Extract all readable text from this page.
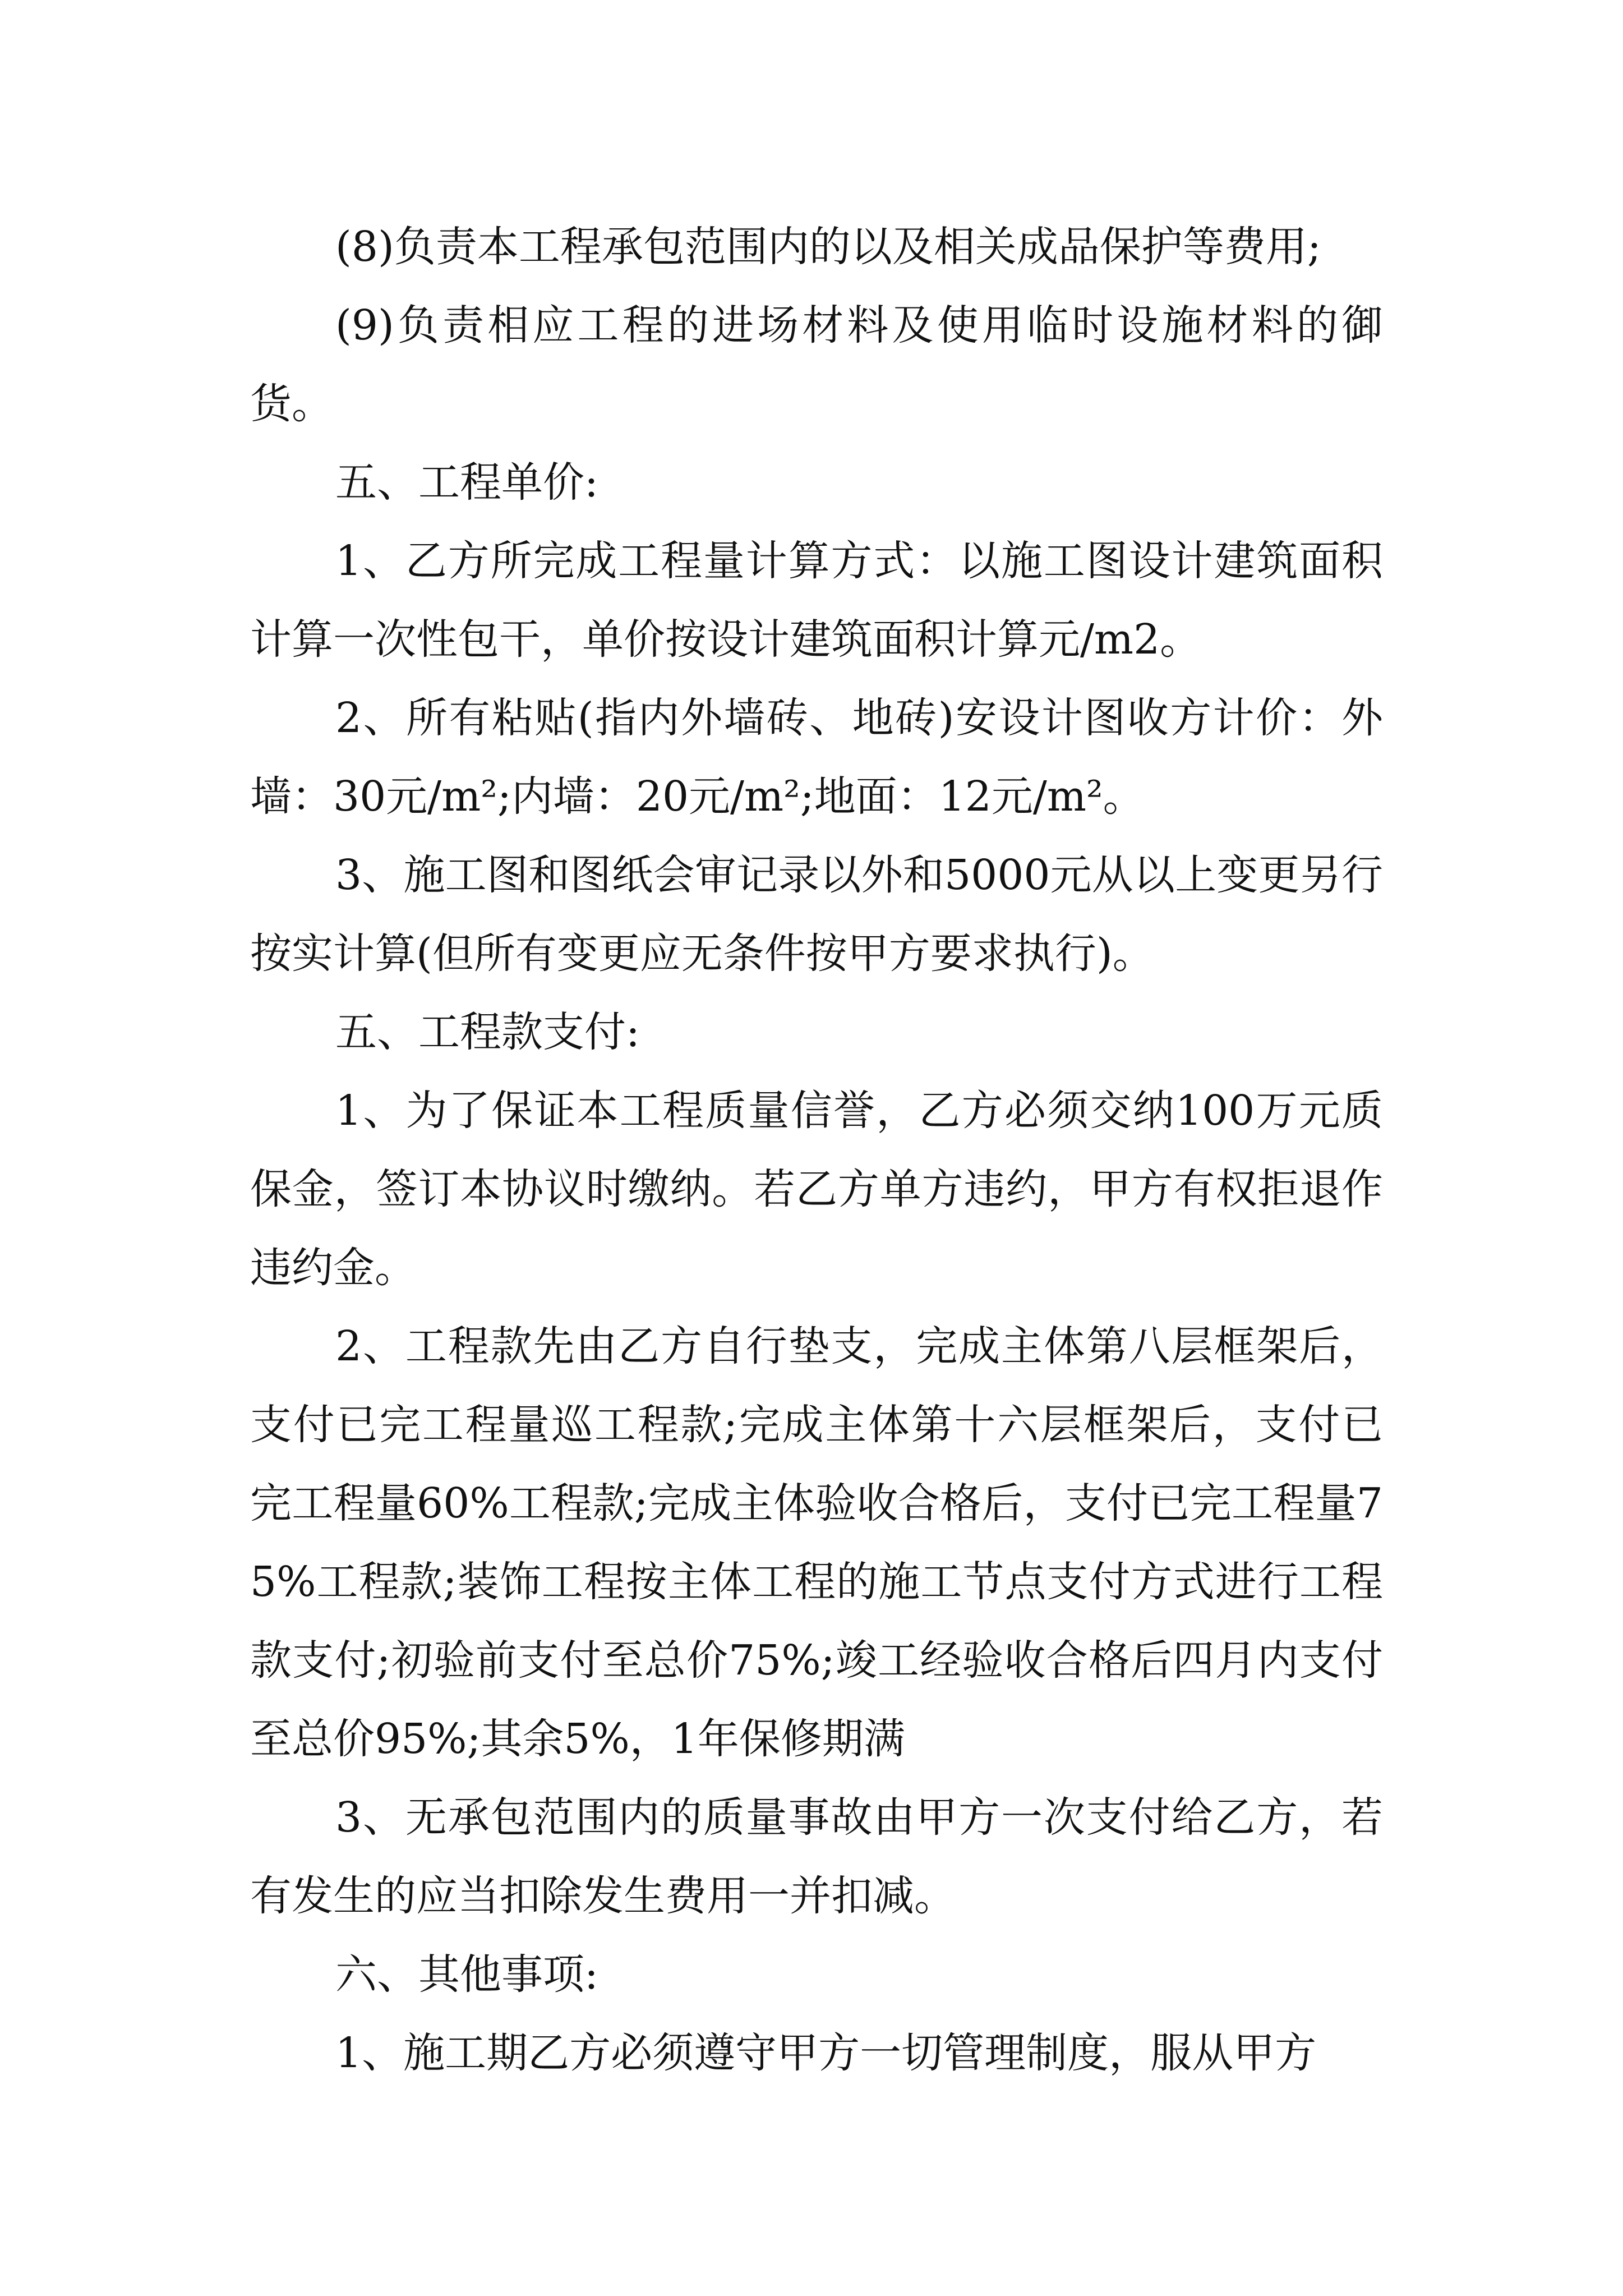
(8)负责本工程承包范围内的以及相关成品保护等费用;

(9)负责相应工程的进场材料及使用临时设施材料的御货。

五、工程单价:

1、乙方所完成工程量计算方式：以施工图设计建筑面积计算一次性包干，单价按设计建筑面积计算元/m2。

2、所有粘贴(指内外墙砖、地砖)安设计图收方计价：外墙：30元/m²;内墙：20元/m²;地面：12元/m²。

3、施工图和图纸会审记录以外和5000元从以上变更另行按实计算(但所有变更应无条件按甲方要求执行)。

五、工程款支付:

1、为了保证本工程质量信誉，乙方必须交纳100万元质保金，签订本协议时缴纳。若乙方单方违约，甲方有权拒退作违约金。

2、工程款先由乙方自行垫支，完成主体第八层框架后，支付已完工程量巡工程款;完成主体第十六层框架后，支付已完工程量60%工程款;完成主体验收合格后，支付已完工程量75%工程款;装饰工程按主体工程的施工节点支付方式进行工程款支付;初验前支付至总价75%;竣工经验收合格后四月内支付至总价95%;其余5%，1年保修期满

3、无承包范围内的质量事故由甲方一次支付给乙方，若有发生的应当扣除发生费用一并扣减。

六、其他事项:

1、施工期乙方必须遵守甲方一切管理制度，服从甲方
